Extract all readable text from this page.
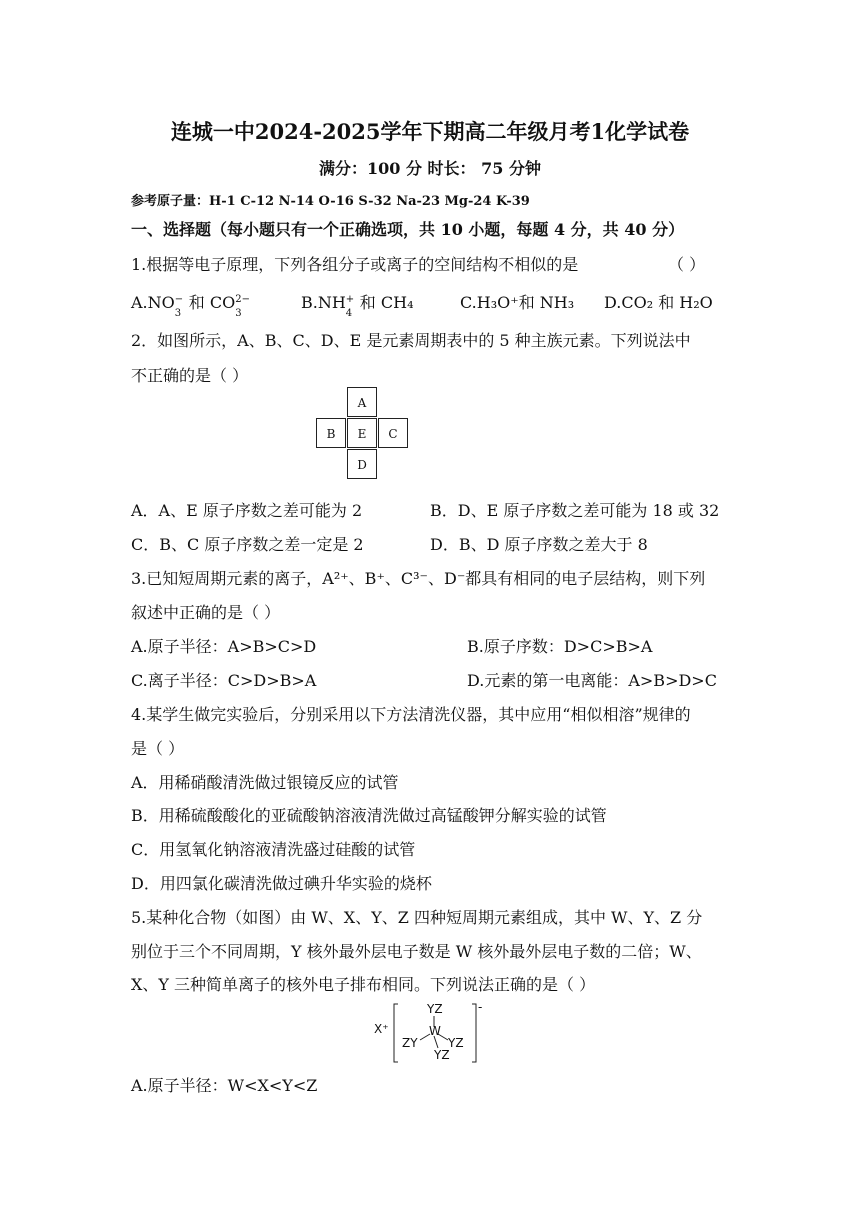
连城一中2024-2025学年下期高二年级月考1化学试卷
满分：100 分 时长： 75 分钟
参考原子量：H-1 C-12 N-14 O-16 S-32 Na-23 Mg-24 K-39
一、选择题（每小题只有一个正确选项，共 10 小题，每题 4 分，共 40 分）
1.根据等电子原理，下列各组分子或离子的空间结构不相似的是	（ ）
A.NO −
3
和 CO 2−
3
B.NH +
4
和 CH₄	C.H₃O⁺和 NH₃ D.CO₂ 和 H₂O
2．如图所示，A、B、C、D、E 是元素周期表中的 5 种主族元素。下列说法中
不正确的是（ ）
A
B	E	C
D
A．A、E 原子序数之差可能为 2	B．D、E 原子序数之差可能为 18 或 32
C．B、C 原子序数之差一定是 2	D．B、D 原子序数之差大于 8
3.已知短周期元素的离子，A²⁺、B⁺、C³⁻、D⁻都具有相同的电子层结构，则下列
叙述中正确的是（ ）
A.原子半径：A>B>C>D	B.原子序数：D>C>B>A
C.离子半径：C>D>B>A	D.元素的第一电离能：A>B>D>C
4.某学生做完实验后，分别采用以下方法清洗仪器，其中应用“相似相溶”规律的
是（ ）
A．用稀硝酸清洗做过银镜反应的试管
B．用稀硫酸酸化的亚硫酸钠溶液清洗做过高锰酸钾分解实验的试管
C．用氢氧化钠溶液清洗盛过硅酸的试管
D．用四氯化碳清洗做过碘升华实验的烧杯
5.某种化合物（如图）由 W、X、Y、Z 四种短周期元素组成，其中 W、Y、Z 分
别位于三个不同周期，Y 核外最外层电子数是 W 核外最外层电子数的二倍；W、
X、Y 三种简单离子的核外电子排布相同。下列说法正确的是（ ）
X⁺
YZ
W
ZY	YZ
YZ
-
A.原子半径：W<X<Y<Z
